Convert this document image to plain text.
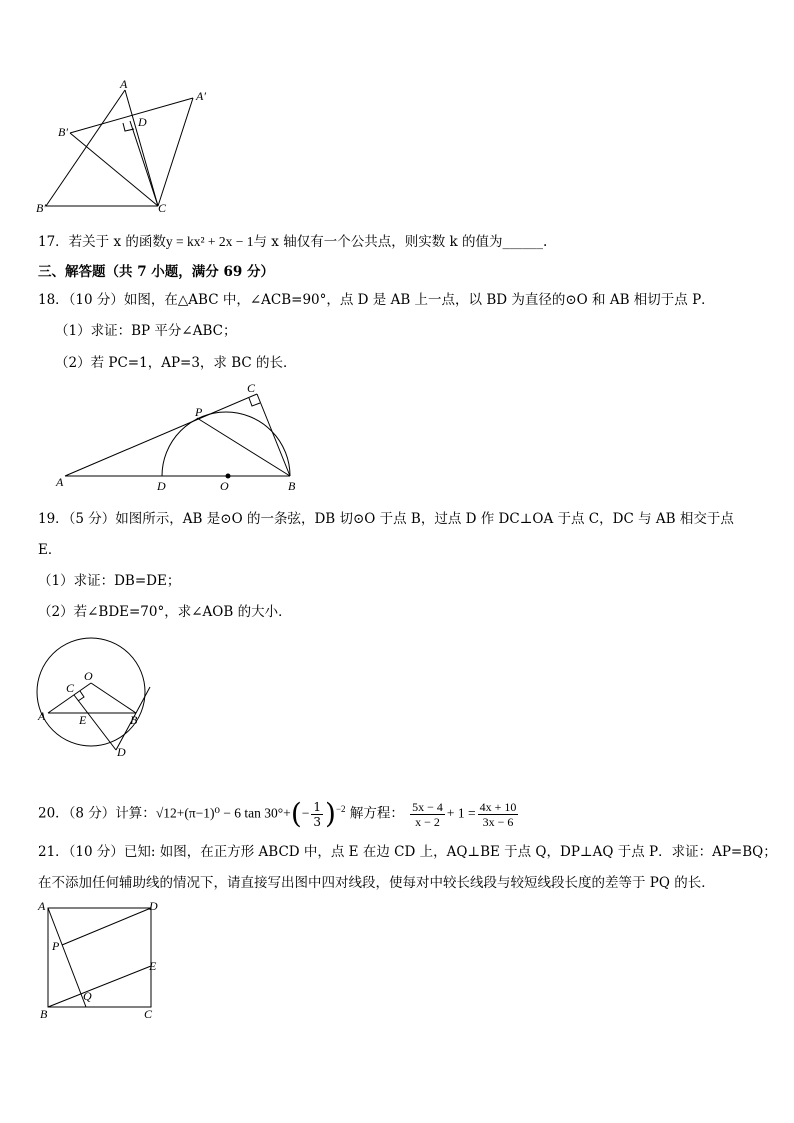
A
A′
B′
D
B′	C
17．若关于 x 的函数y = kx² + 2x − 1与 x 轴仅有一个公共点，则实数 k 的值为______.
三、解答题（共 7 小题，满分 69 分）
18．（10 分）如图，在△ABC 中，∠ACB=90°，点 D 是 AB 上一点，以 BD 为直径的⊙O 和 AB 相切于点 P．
（1）求证：BP 平分∠ABC；
（2）若 PC=1，AP=3，求 BC 的长．
A	D	O	B
P
C
19．（5 分）如图所示，AB 是⊙O 的一条弦，DB 切⊙O 于点 B，过点 D 作 DC⊥OA 于点 C，DC 与 AB 相交于点
E．
（1）求证：DB=DE；
（2）若∠BDE=70°，求∠AOB 的大小．
O
C
A	E	B
D
20．（8 分）计算：√12+(π−1)⁰ − 6 $\tan 30^\circ+(- \frac{1}{3} )^{-2}$ 解方程： $\frac{5x - 4}{x - 2} + 1 = \frac{4x + 10}{3x - 6}$
21．（10 分）已知: 如图，在正方形 ABCD 中，点 E 在边 CD 上，AQ⊥BE 于点 Q，DP⊥AQ 于点 P．求证：AP=BQ；
在不添加任何辅助线的情况下，请直接写出图中四对线段，使每对中较长线段与较短线段长度的差等于 PQ 的长．
A	D
P
E
Q
B	C
